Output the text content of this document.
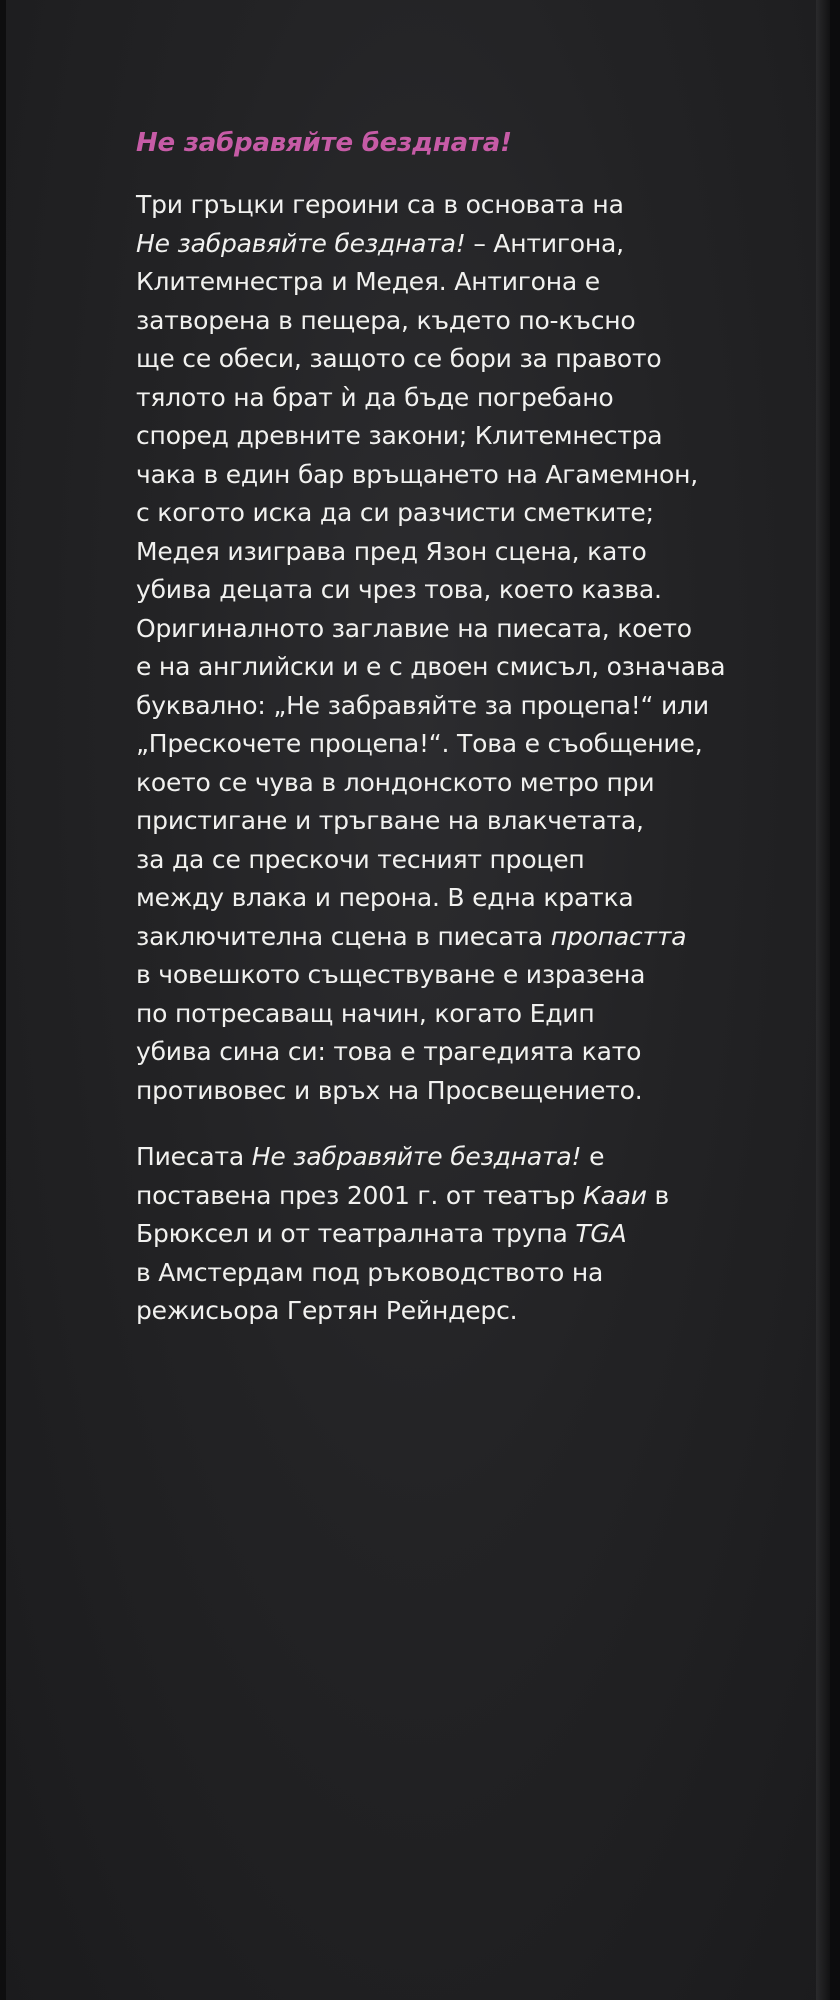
Не забравяйте бездната!

Три гръцки героини са в основата на
Не забравяйте бездната! – Антигона,
Клитемнестра и Медея. Антигона е
затворена в пещера, където по-късно
ще се обеси, защото се бори за правото
тялото на брат ѝ да бъде погребано
според древните закони; Клитемнестра
чака в един бар връщането на Агамемнон,
с когото иска да си разчисти сметките;
Медея изиграва пред Язон сцена, като
убива децата си чрез това, което казва.
Оригиналното заглавие на пиесата, което
е на английски и е с двоен смисъл, означава
буквално: „Не забравяйте за процепа!“ или
„Прескочете процепа!“. Това е съобщение,
което се чува в лондонското метро при
пристигане и тръгване на влакчетата,
за да се прескочи тесният процеп
между влака и перона. В една кратка
заключителна сцена в пиесата пропастта
в човешкото съществуване е изразена
по потресаващ начин, когато Едип
убива сина си: това е трагедията като
противовес и връх на Просвещението.

Пиесата Не забравяйте бездната! е
поставена през 2001 г. от театър Кааи в
Брюксел и от театралната трупа TGA
в Амстердам под ръководството на
режисьора Гертян Рейндерс.
